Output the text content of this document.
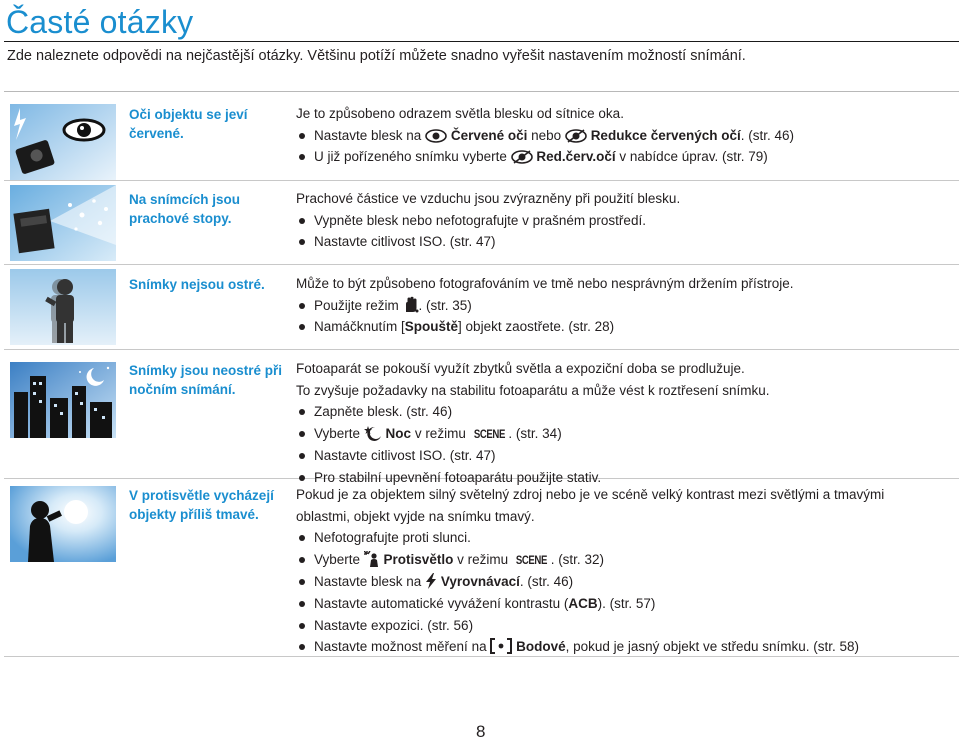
Časté otázky
Zde naleznete odpovědi na nejčastější otázky. Většinu potíží můžete snadno vyřešit nastavením možností snímání.
Oči objektu se jeví červené.
Je to způsobeno odrazem světla blesku od sítnice oka.
Nastavte blesk na  Červené oči nebo  Redukce červených očí. (str. 46)
U již pořízeného snímku vyberte  Red.červ.očí v nabídce úprav. (str. 79)
Na snímcích jsou prachové stopy.
Prachové částice ve vzduchu jsou zvýrazněny při použití blesku.
Vypněte blesk nebo nefotografujte v prašném prostředí.
Nastavte citlivost ISO. (str. 47)
Snímky nejsou ostré.	Může to být způsobeno fotografováním ve tmě nebo nesprávným držením přístroje.
Použijte režim . (str. 35)
Namáčknutím [Spouště] objekt zaostřete. (str. 28)
Snímky jsou neostré při nočním snímání.
Fotoaparát se pokouší využít zbytků světla a expoziční doba se prodlužuje.
To zvyšuje požadavky na stabilitu fotoaparátu a může vést k roztřesení snímku.
Zapněte blesk. (str. 46)
Vyberte  Noc v režimu SCENE . (str. 34)
Nastavte citlivost ISO. (str. 47)
Pro stabilní upevnění fotoaparátu použijte stativ.
V protisvětle vycházejí objekty příliš tmavé.
Pokud je za objektem silný světelný zdroj nebo je ve scéně velký kontrast mezi světlými a tmavými
oblastmi, objekt vyjde na snímku tmavý.
Nefotografujte proti slunci.
Vyberte  Protisvětlo v režimu SCENE . (str. 32)
Nastavte blesk na  Vyrovnávací. (str. 46)
Nastavte automatické vyvážení kontrastu (ACB). (str. 57)
Nastavte expozici. (str. 56)
Nastavte možnost měření na  Bodové, pokud je jasný objekt ve středu snímku. (str. 58)
8
